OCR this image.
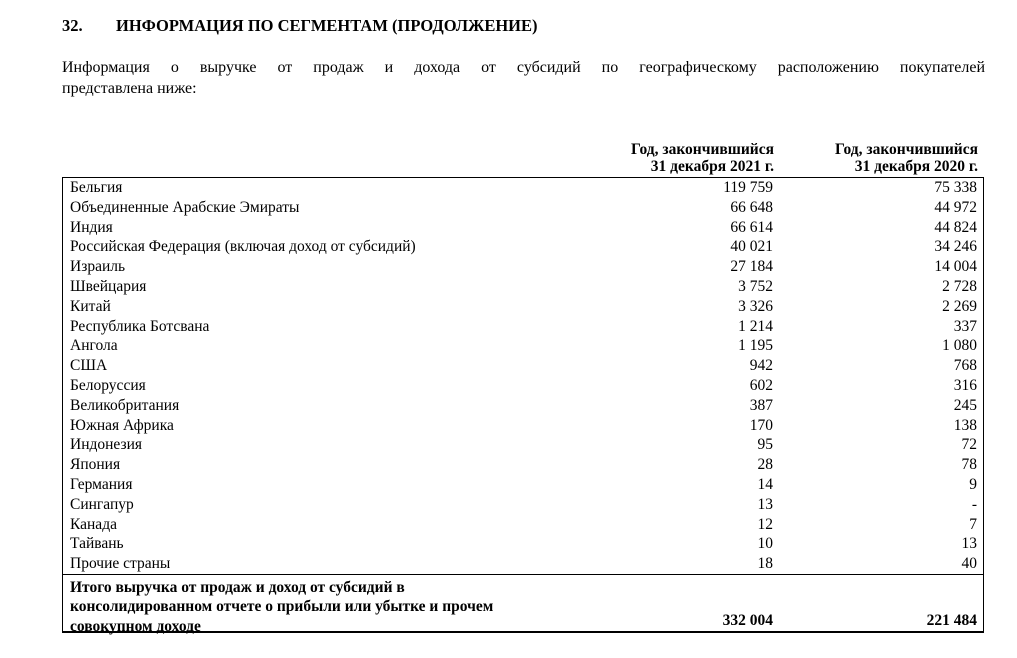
32. ИНФОРМАЦИЯ ПО СЕГМЕНТАМ (ПРОДОЛЖЕНИЕ)
Информация о выручке от продаж и дохода от субсидий по географическому расположению покупателей
представлена ниже:
Год, закончившийся
31 декабря 2021 г.
Год, закончившийся
31 декабря 2020 г.
Бельгия	119 759	75 338
Объединенные Арабские Эмираты	66 648	44 972
Индия	66 614	44 824
Российская Федерация (включая доход от субсидий)	40 021	34 246
Израиль	27 184	14 004
Швейцария	3 752	2 728
Китай	3 326	2 269
Республика Ботсвана	1 214	337
Ангола	1 195	1 080
США	942	768
Белоруссия	602	316
Великобритания	387	245
Южная Африка	170	138
Индонезия	95	72
Япония	28	78
Германия	14	9
Сингапур	13	-
Канада	12	7
Тайвань	10	13
Прочие страны	18	40
Итого выручка от продаж и доход от субсидий в
консолидированном отчете о прибыли или убытке и прочем
совокупном доходе	332 004	221 484
